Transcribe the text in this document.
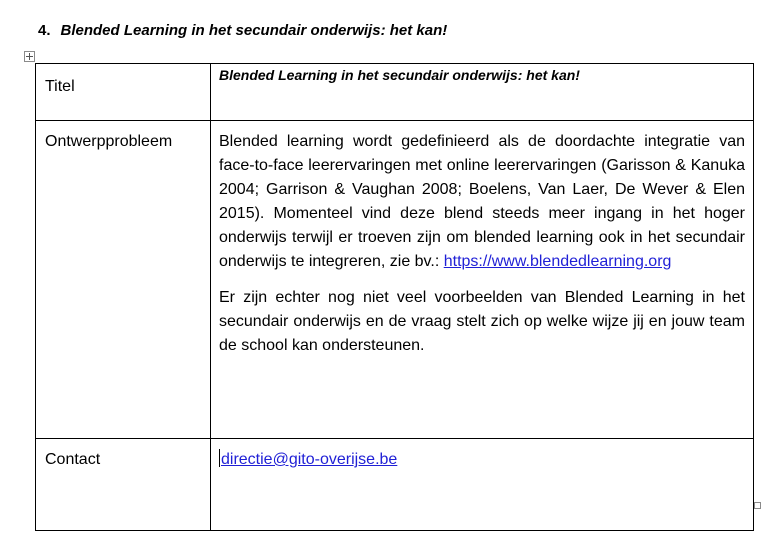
4. Blended Learning in het secundair onderwijs: het kan!
Titel	Blended Learning in het secundair onderwijs: het kan!

Ontwerpprobleem	Blended learning wordt gedefinieerd als de doordachte integratie van face-to-face leerervaringen met online leerervaringen (Garisson & Kanuka 2004; Garrison & Vaughan 2008; Boelens, Van Laer, De Wever & Elen 2015). Momenteel vind deze blend steeds meer ingang in het hoger onderwijs terwijl er troeven zijn om blended learning ook in het secundair onderwijs te integreren, zie bv.: https://www.blendedlearning.org

Er zijn echter nog niet veel voorbeelden van Blended Learning in het secundair onderwijs en de vraag stelt zich op welke wijze jij en jouw team de school kan ondersteunen.

Contact	directie@gito-overijse.be
